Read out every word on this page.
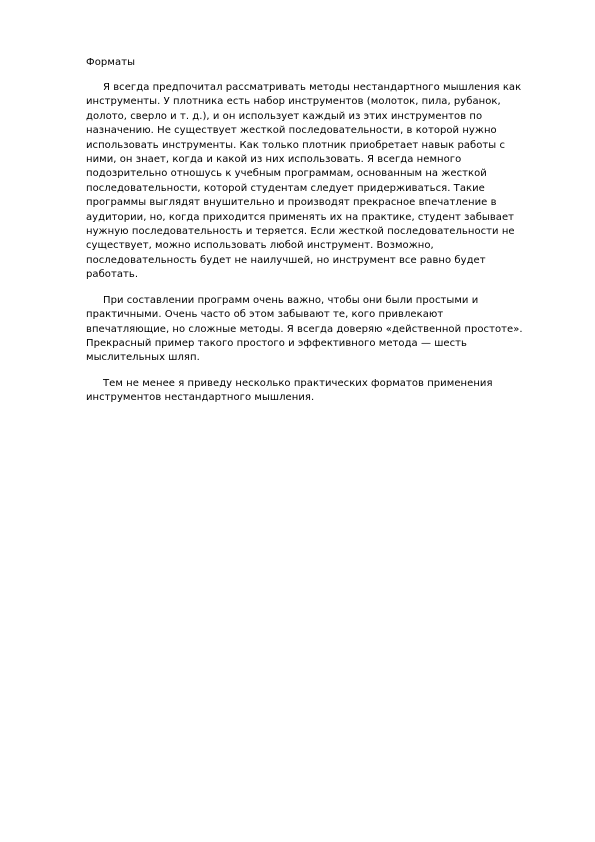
Форматы

Я всегда предпочитал рассматривать методы нестандартного мышления как инструменты. У плотника есть набор инструментов (молоток, пила, рубанок, долото, сверло и т. д.), и он использует каждый из этих инструментов по назначению. Не существует жесткой последовательности, в которой нужно использовать инструменты. Как только плотник приобретает навык работы с ними, он знает, когда и какой из них использовать. Я всегда немного подозрительно отношусь к учебным программам, основанным на жесткой последовательности, которой студентам следует придерживаться. Такие программы выглядят внушительно и производят прекрасное впечатление в аудитории, но, когда приходится применять их на практике, студент забывает нужную последовательность и теряется. Если жесткой последовательности не существует, можно использовать любой инструмент. Возможно, последовательность будет не наилучшей, но инструмент все равно будет работать.

При составлении программ очень важно, чтобы они были простыми и практичными. Очень часто об этом забывают те, кого привлекают впечатляющие, но сложные методы. Я всегда доверяю «действенной простоте». Прекрасный пример такого простого и эффективного метода — шесть мыслительных шляп.

Тем не менее я приведу несколько практических форматов применения инструментов нестандартного мышления.
